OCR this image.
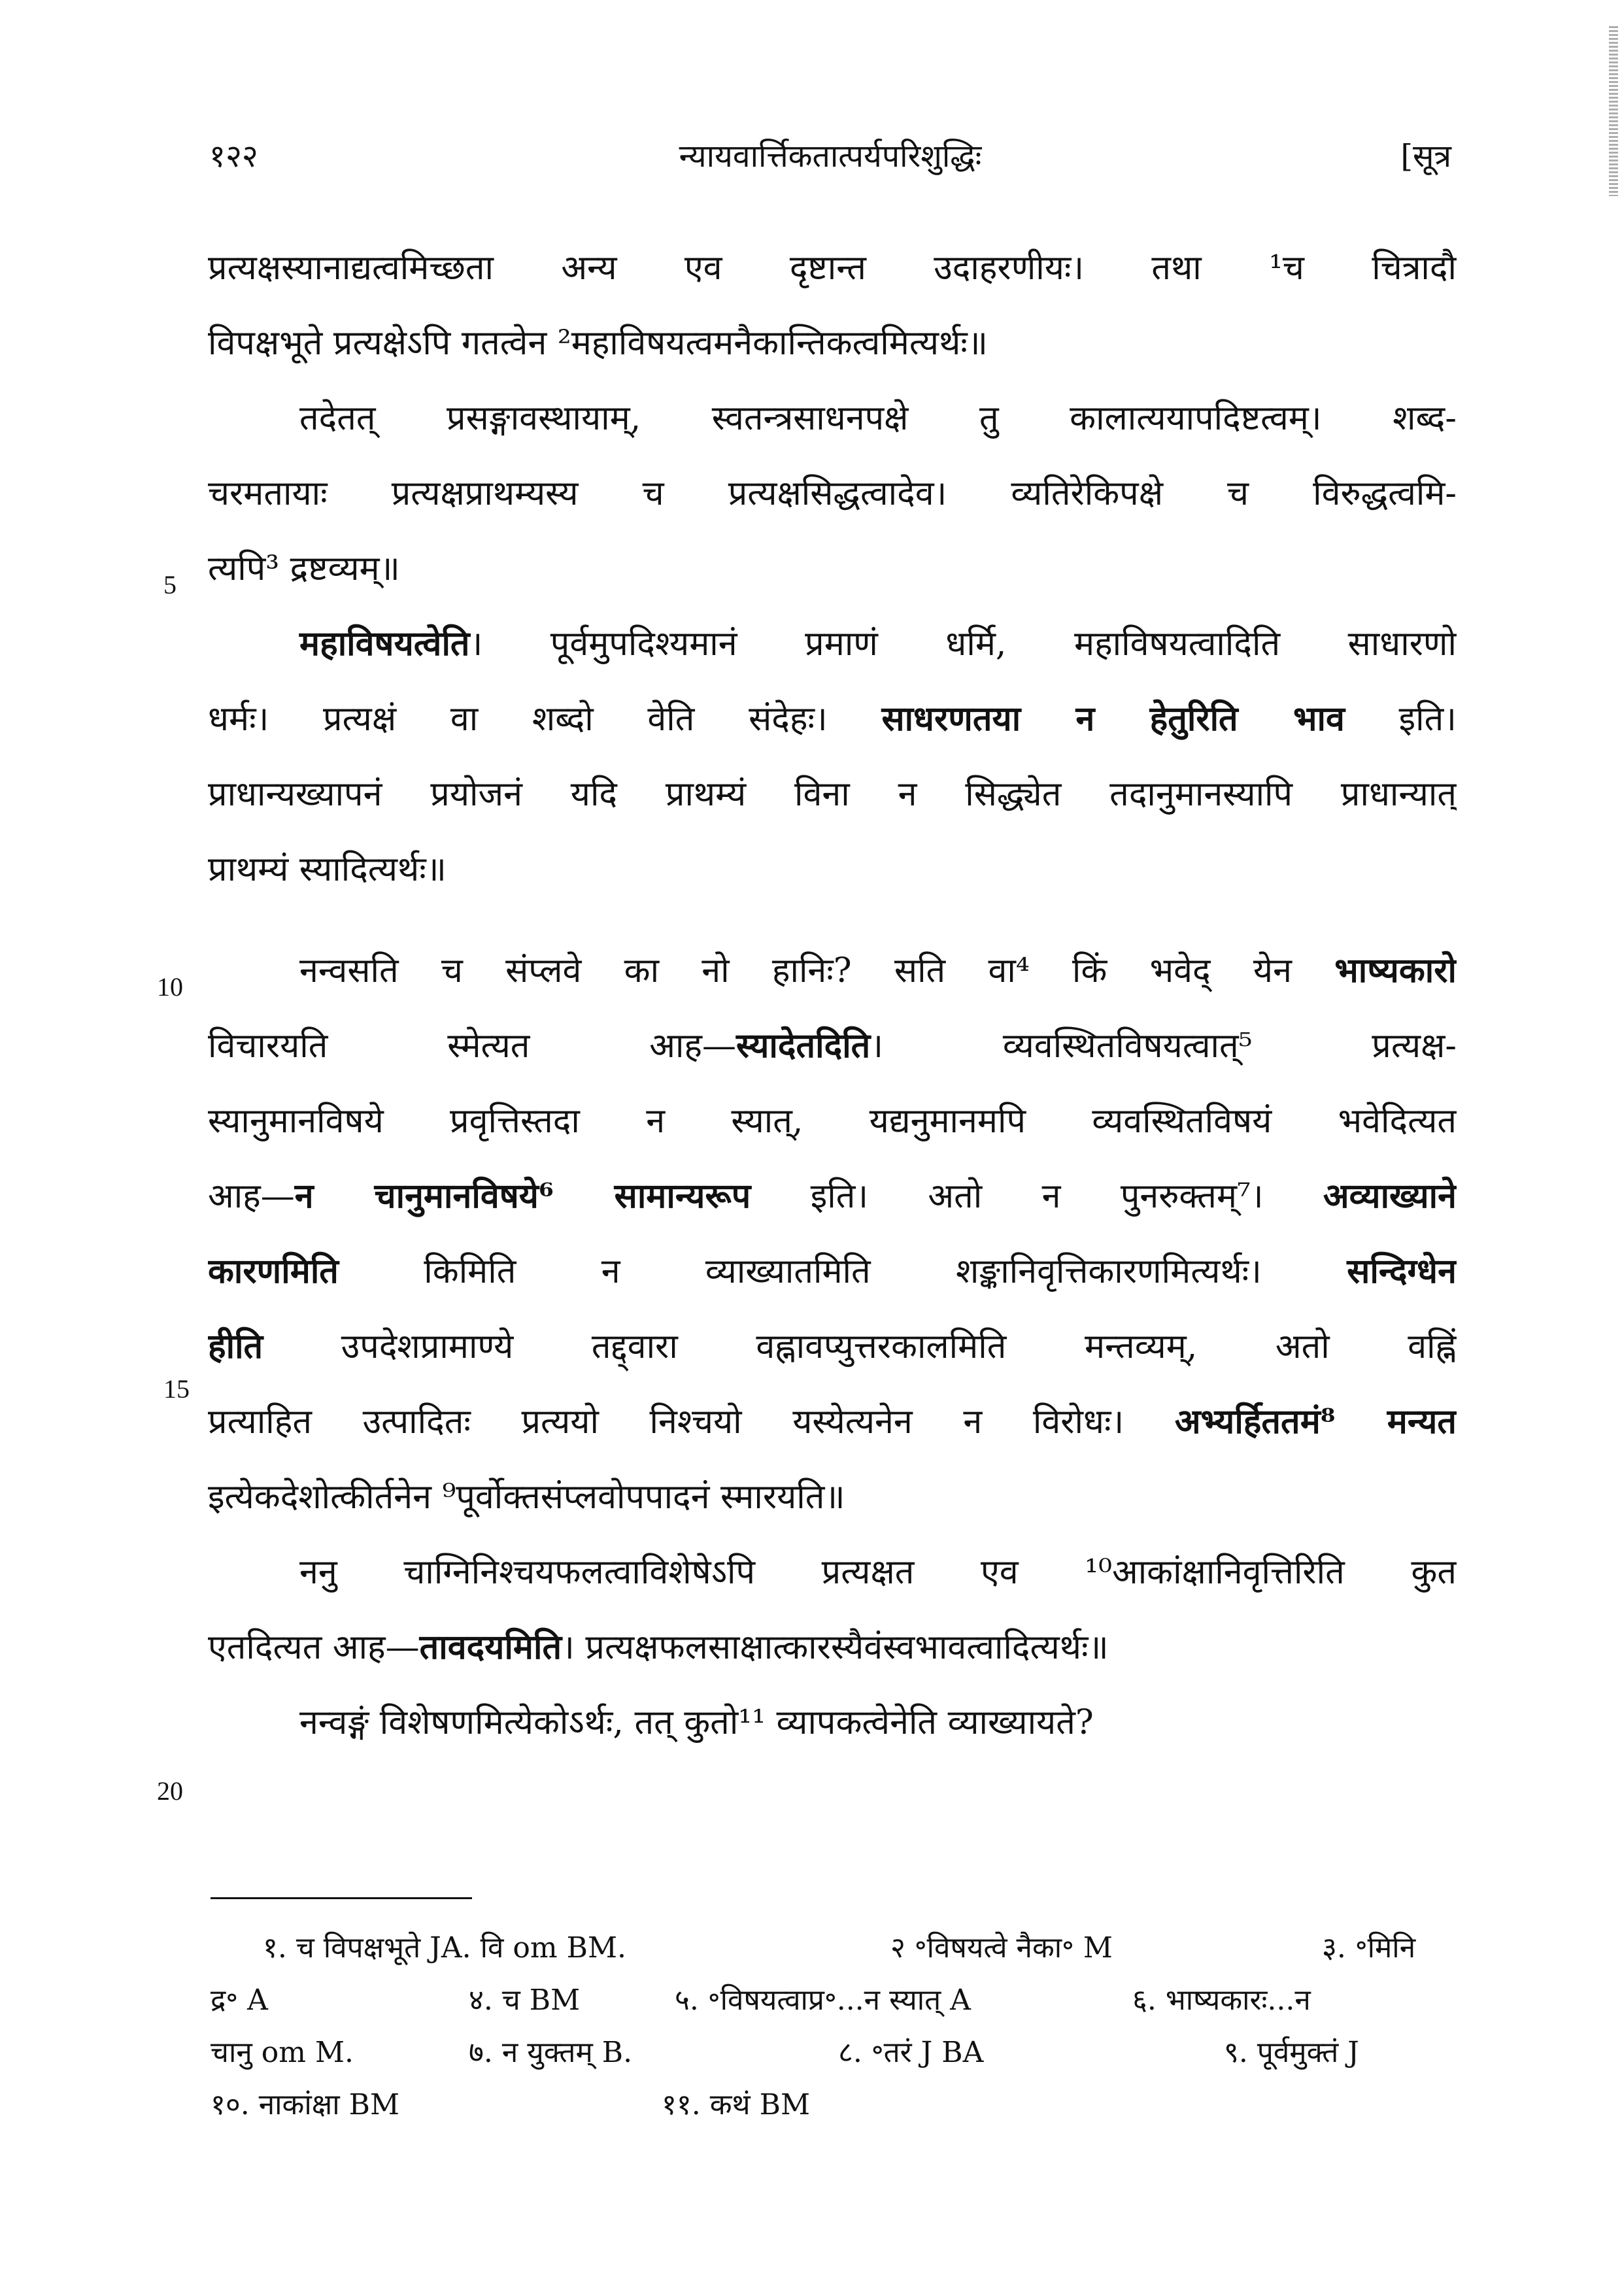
१२२	न्यायवार्त्तिकतात्पर्यपरिशुद्धिः	[सूत्र
प्रत्यक्षस्यानाद्यत्वमिच्छता अन्य एव दृष्टान्त उदाहरणीयः। तथा ¹च चित्रादौ
विपक्षभूते प्रत्यक्षेऽपि गतत्वेन ²महाविषयत्वमनैकान्तिकत्वमित्यर्थः॥
तदेतत् प्रसङ्गावस्थायाम्, स्वतन्त्रसाधनपक्षे तु कालात्ययापदिष्टत्वम्। शब्द-
चरमतायाः प्रत्यक्षप्राथम्यस्य च प्रत्यक्षसिद्धत्वादेव। व्यतिरेकिपक्षे च विरुद्धत्वमि-
त्यपि³ द्रष्टव्यम्॥
महाविषयत्वेति। पूर्वमुपदिश्यमानं प्रमाणं धर्मि, महाविषयत्वादिति साधारणो
धर्मः। प्रत्यक्षं वा शब्दो वेति संदेहः। साधरणतया न हेतुरिति भाव इति।
प्राधान्यख्यापनं प्रयोजनं यदि प्राथम्यं विना न सिद्ध्येत तदानुमानस्यापि प्राधान्यात्
प्राथम्यं स्यादित्यर्थः॥
नन्वसति च संप्लवे का नो हानिः? सति वा⁴ किं भवेद् येन भाष्यकारो
विचारयति स्मेत्यत आह—स्यादेतदिति। व्यवस्थितविषयत्वात्⁵ प्रत्यक्ष-
स्यानुमानविषये प्रवृत्तिस्तदा न स्यात्, यद्यनुमानमपि व्यवस्थितविषयं भवेदित्यत
आह—न चानुमानविषये⁶ सामान्यरूप इति। अतो न पुनरुक्तम्⁷। अव्याख्याने
कारणमिति किमिति न व्याख्यातमिति शङ्कानिवृत्तिकारणमित्यर्थः। सन्दिग्धेन
हीति उपदेशप्रामाण्ये तद्द्वारा वह्नावप्युत्तरकालमिति मन्तव्यम्, अतो वह्निं
प्रत्याहित उत्पादितः प्रत्ययो निश्चयो यस्येत्यनेन न विरोधः। अभ्यर्हिततमं⁸ मन्यत
इत्येकदेशोत्कीर्तनेन ⁹पूर्वोक्तसंप्लवोपपादनं स्मारयति॥
ननु चाग्निनिश्चयफलत्वाविशेषेऽपि प्रत्यक्षत एव ¹⁰आकांक्षानिवृत्तिरिति कुत
एतदित्यत आह—तावदयमिति। प्रत्यक्षफलसाक्षात्कारस्यैवंस्वभावत्वादित्यर्थः॥
नन्वङ्गं विशेषणमित्येकोऽर्थः, तत् कुतो¹¹ व्यापकत्वेनेति व्याख्यायते?
5
10
15
20
१. च विपक्षभूते JA. वि om BM.	२ ॰विषयत्वे नैका॰ M	३. ॰मिनि
द्र॰ A	४. च BM	५. ॰विषयत्वाप्र॰...न स्यात् A	६. भाष्यकारः...न
चानु om M.	७. न युक्तम् B.	८. ॰तरं J BA	९. पूर्वमुक्तं J
१०. नाकांक्षा BM	११. कथं BM
